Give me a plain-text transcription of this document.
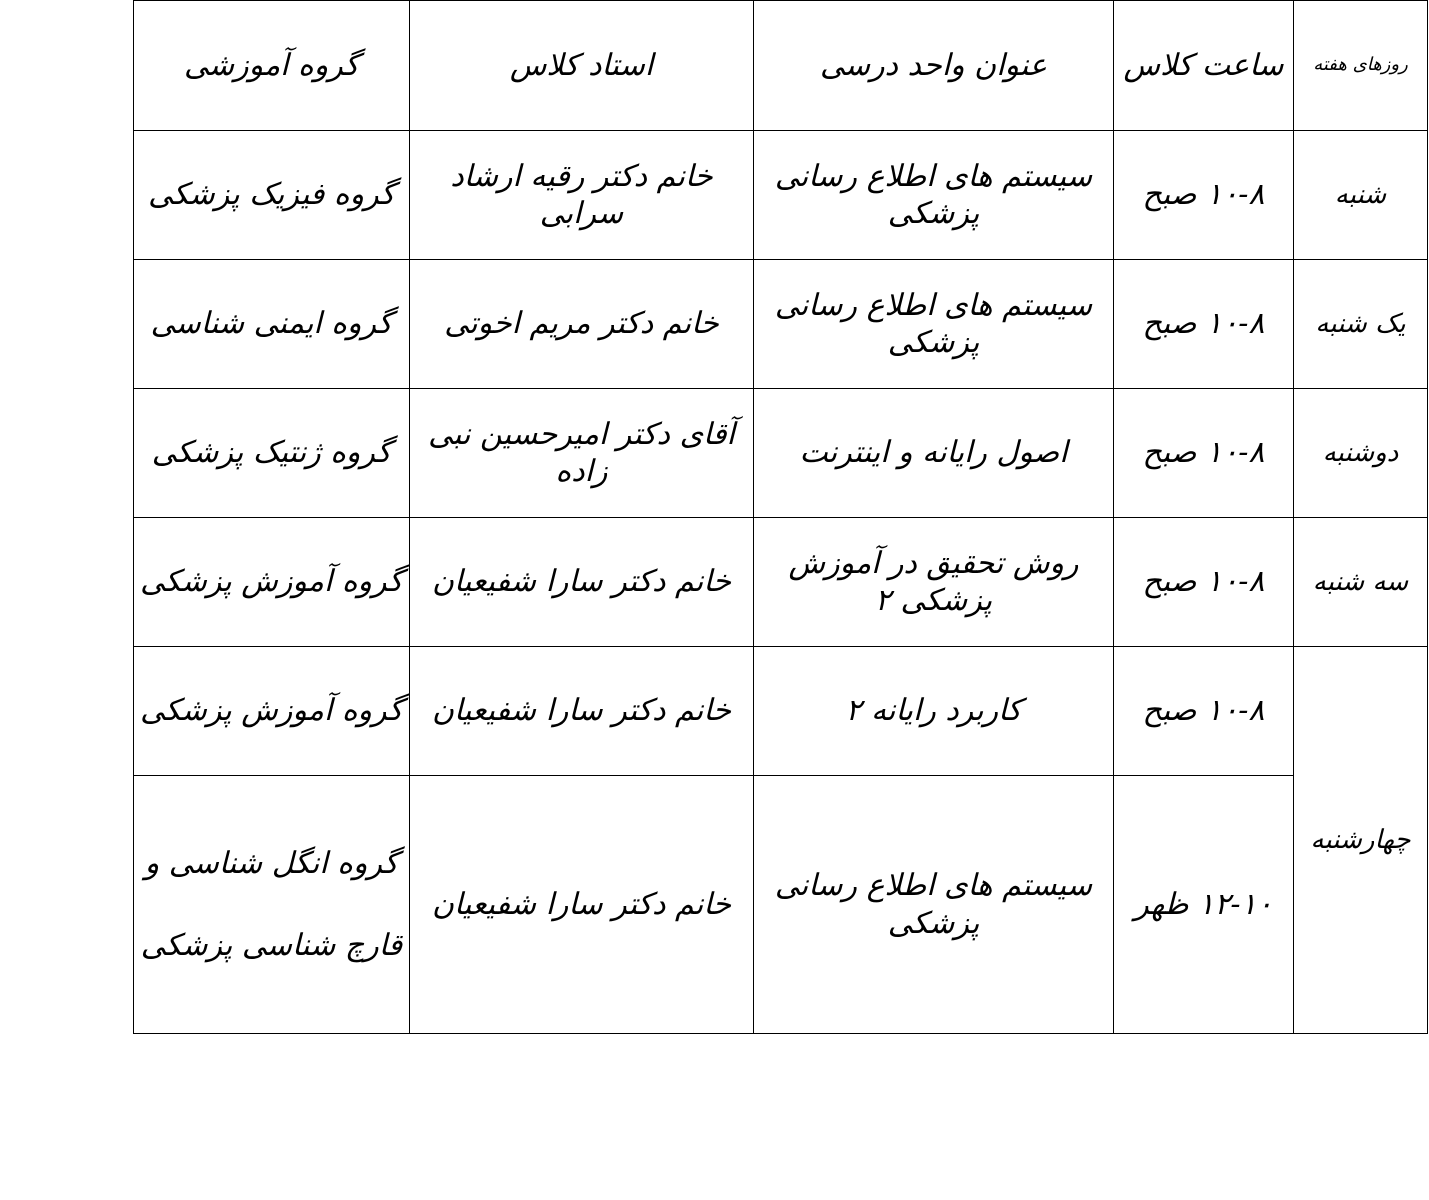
روزهای هفته	ساعت کلاس	عنوان واحد درسی	استاد کلاس	گروه آموزشی
شنبه	۱۰-۸ صبح	سیستم های اطلاع رسانی پزشکی	خانم دکتر رقیه ارشاد سرابی	گروه فیزیک پزشکی
یک شنبه	۱۰-۸ صبح	سیستم های اطلاع رسانی پزشکی	خانم دکتر مریم اخوتی	گروه ایمنی شناسی
دوشنبه	۱۰-۸ صبح	اصول رایانه و اینترنت	آقای دکتر امیرحسین نبی زاده	گروه ژنتیک پزشکی
سه شنبه	۱۰-۸ صبح	روش تحقیق در آموزش پزشکی ۲	خانم دکتر سارا شفیعیان	گروه آموزش پزشکی
چهارشنبه	۱۰-۸ صبح	کاربرد رایانه ۲	خانم دکتر سارا شفیعیان	گروه آموزش پزشکی
	۱۲-۱۰ ظهر	سیستم های اطلاع رسانی پزشکی	خانم دکتر سارا شفیعیان	گروه انگل شناسی و
قارچ شناسی پزشکی
